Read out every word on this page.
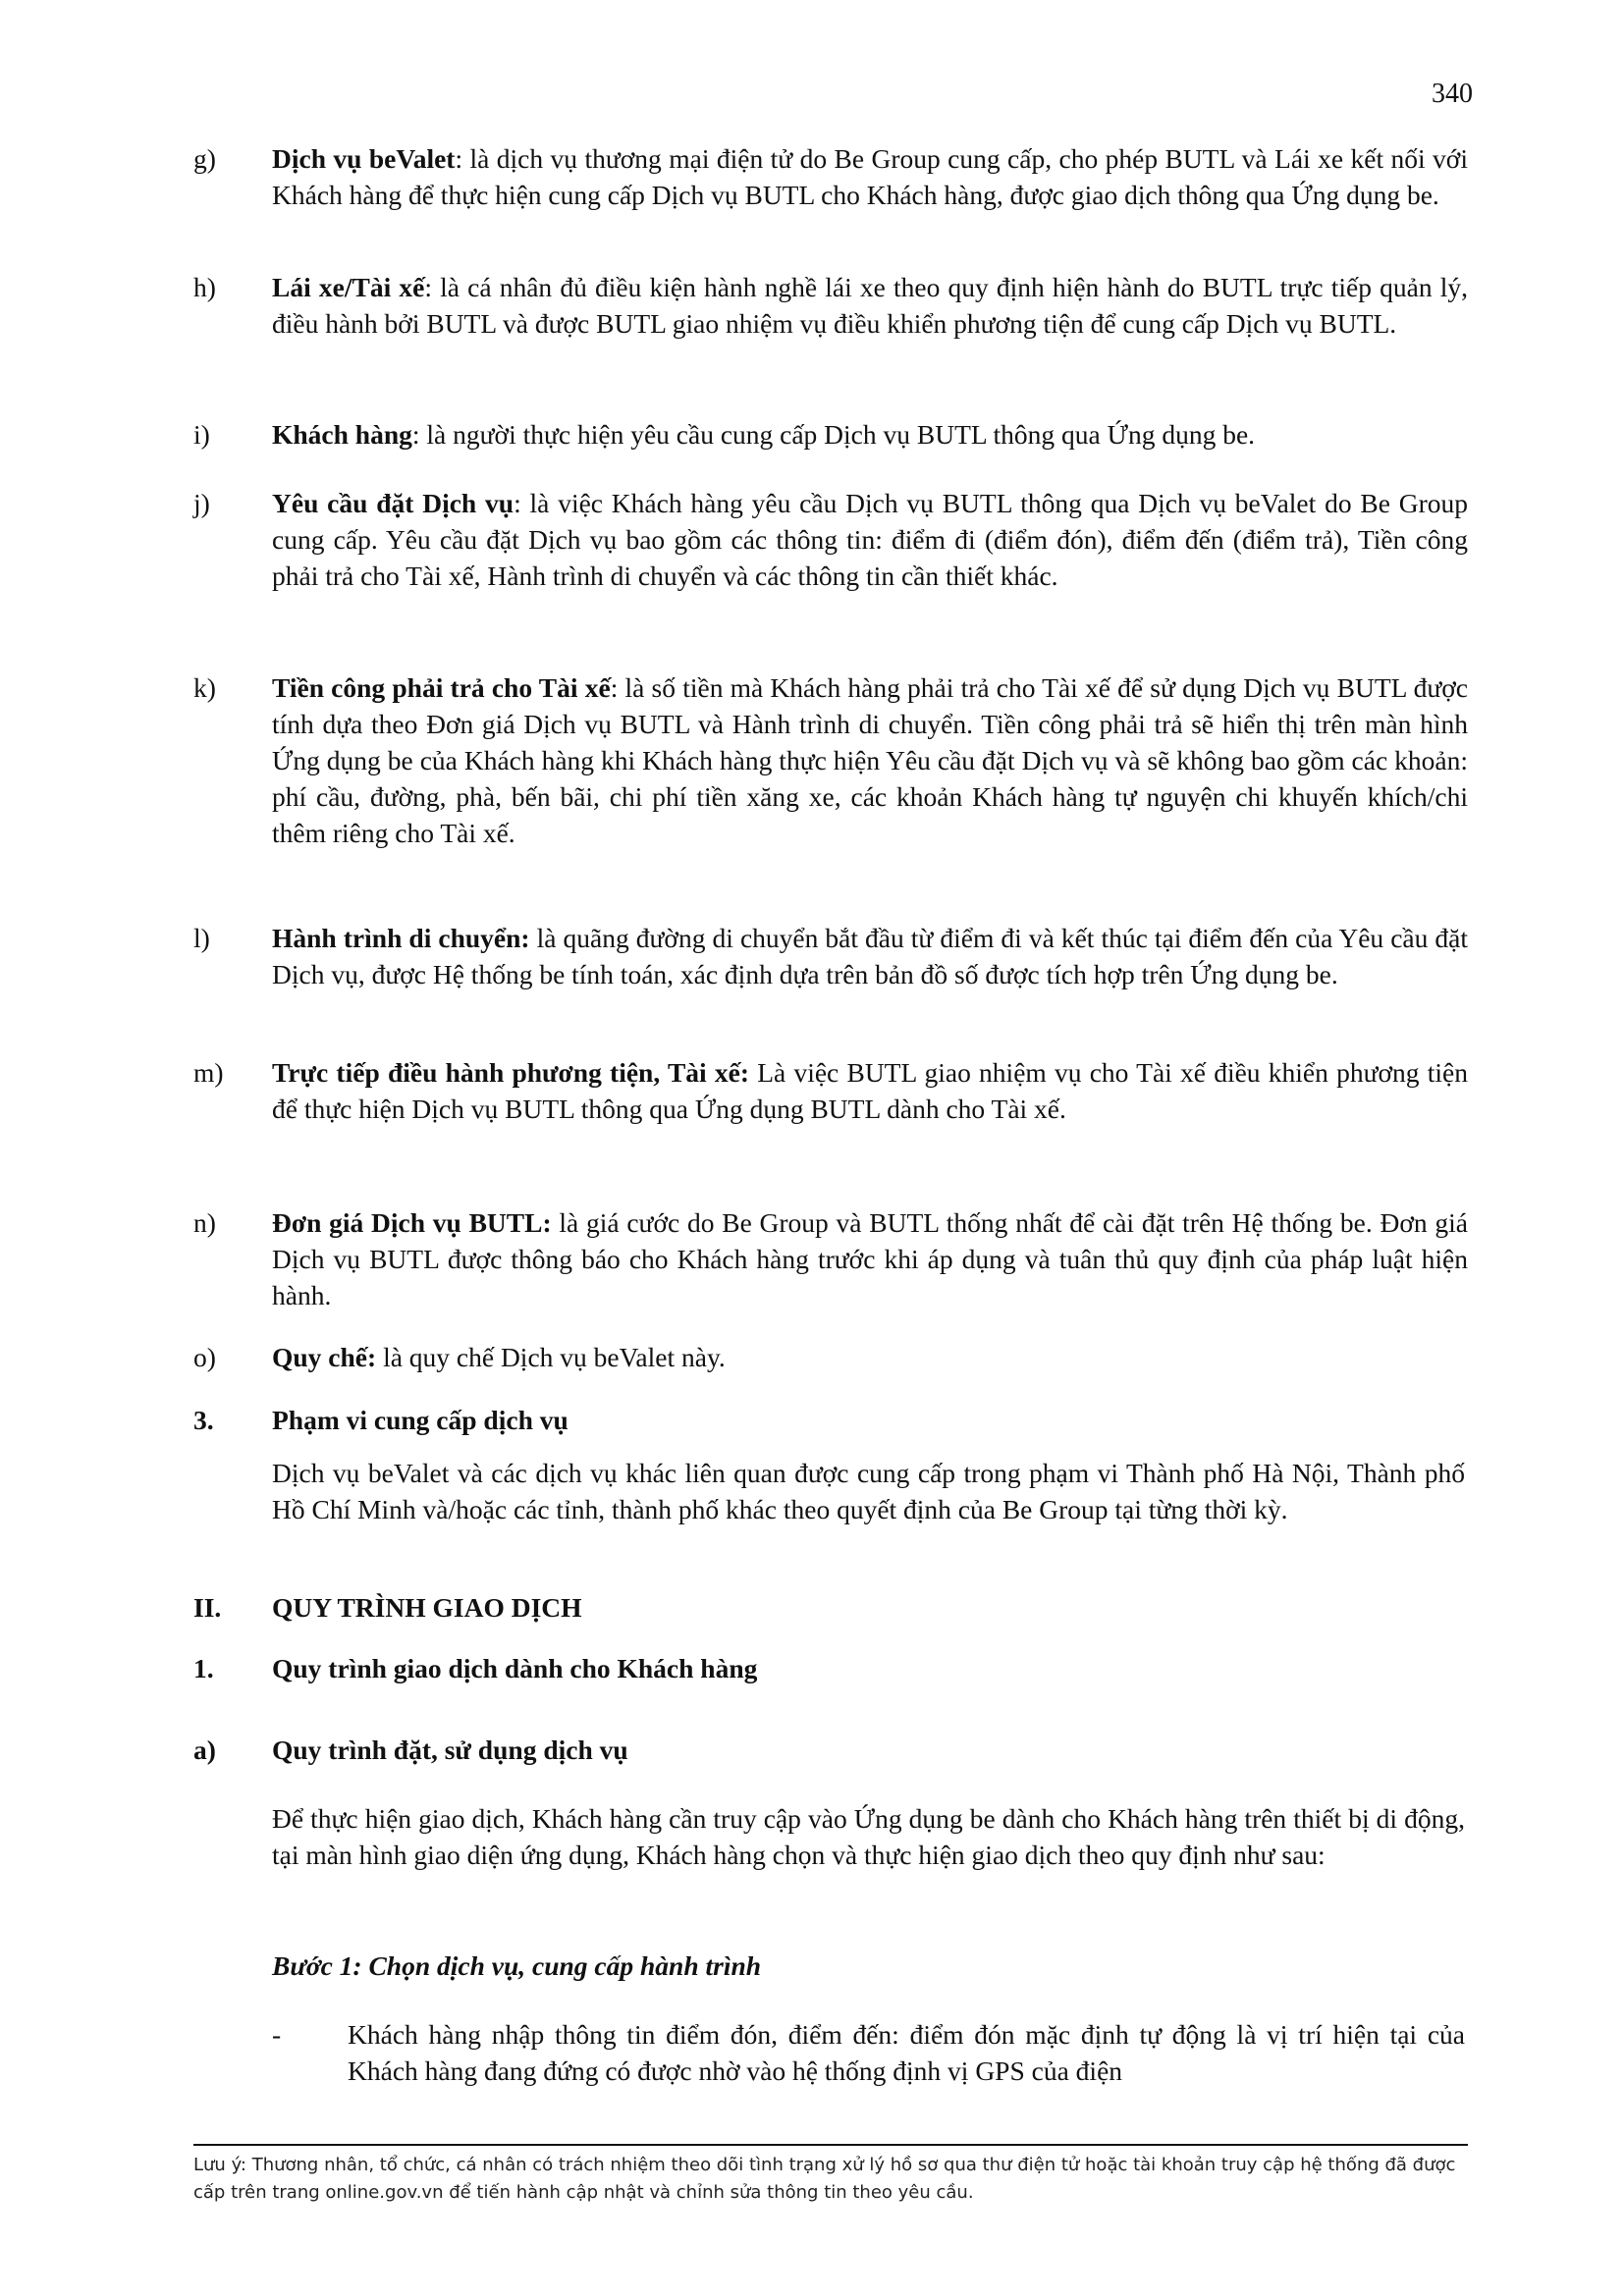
340
g) Dịch vụ beValet: là dịch vụ thương mại điện tử do Be Group cung cấp, cho phép BUTL và Lái xe kết nối với Khách hàng để thực hiện cung cấp Dịch vụ BUTL cho Khách hàng, được giao dịch thông qua Ứng dụng be.
h) Lái xe/Tài xế: là cá nhân đủ điều kiện hành nghề lái xe theo quy định hiện hành do BUTL trực tiếp quản lý, điều hành bởi BUTL và được BUTL giao nhiệm vụ điều khiển phương tiện để cung cấp Dịch vụ BUTL.
i) Khách hàng: là người thực hiện yêu cầu cung cấp Dịch vụ BUTL thông qua Ứng dụng be.
j) Yêu cầu đặt Dịch vụ: là việc Khách hàng yêu cầu Dịch vụ BUTL thông qua Dịch vụ beValet do Be Group cung cấp. Yêu cầu đặt Dịch vụ bao gồm các thông tin: điểm đi (điểm đón), điểm đến (điểm trả), Tiền công phải trả cho Tài xế, Hành trình di chuyển và các thông tin cần thiết khác.
k) Tiền công phải trả cho Tài xế: là số tiền mà Khách hàng phải trả cho Tài xế để sử dụng Dịch vụ BUTL được tính dựa theo Đơn giá Dịch vụ BUTL và Hành trình di chuyển. Tiền công phải trả sẽ hiển thị trên màn hình Ứng dụng be của Khách hàng khi Khách hàng thực hiện Yêu cầu đặt Dịch vụ và sẽ không bao gồm các khoản: phí cầu, đường, phà, bến bãi, chi phí tiền xăng xe, các khoản Khách hàng tự nguyện chi khuyến khích/chi thêm riêng cho Tài xế.
l) Hành trình di chuyển: là quãng đường di chuyển bắt đầu từ điểm đi và kết thúc tại điểm đến của Yêu cầu đặt Dịch vụ, được Hệ thống be tính toán, xác định dựa trên bản đồ số được tích hợp trên Ứng dụng be.
m) Trực tiếp điều hành phương tiện, Tài xế: Là việc BUTL giao nhiệm vụ cho Tài xế điều khiển phương tiện để thực hiện Dịch vụ BUTL thông qua Ứng dụng BUTL dành cho Tài xế.
n) Đơn giá Dịch vụ BUTL: là giá cước do Be Group và BUTL thống nhất để cài đặt trên Hệ thống be. Đơn giá Dịch vụ BUTL được thông báo cho Khách hàng trước khi áp dụng và tuân thủ quy định của pháp luật hiện hành.
o) Quy chế: là quy chế Dịch vụ beValet này.
3. Phạm vi cung cấp dịch vụ
Dịch vụ beValet và các dịch vụ khác liên quan được cung cấp trong phạm vi Thành phố Hà Nội, Thành phố Hồ Chí Minh và/hoặc các tỉnh, thành phố khác theo quyết định của Be Group tại từng thời kỳ.
II. QUY TRÌNH GIAO DỊCH
1. Quy trình giao dịch dành cho Khách hàng
a) Quy trình đặt, sử dụng dịch vụ
Để thực hiện giao dịch, Khách hàng cần truy cập vào Ứng dụng be dành cho Khách hàng trên thiết bị di động, tại màn hình giao diện ứng dụng, Khách hàng chọn và thực hiện giao dịch theo quy định như sau:
Bước 1: Chọn dịch vụ, cung cấp hành trình
- Khách hàng nhập thông tin điểm đón, điểm đến: điểm đón mặc định tự động là vị trí hiện tại của Khách hàng đang đứng có được nhờ vào hệ thống định vị GPS của điện
Lưu ý: Thương nhân, tổ chức, cá nhân có trách nhiệm theo dõi tình trạng xử lý hồ sơ qua thư điện tử hoặc tài khoản truy cập hệ thống đã được cấp trên trang online.gov.vn để tiến hành cập nhật và chỉnh sửa thông tin theo yêu cầu.
